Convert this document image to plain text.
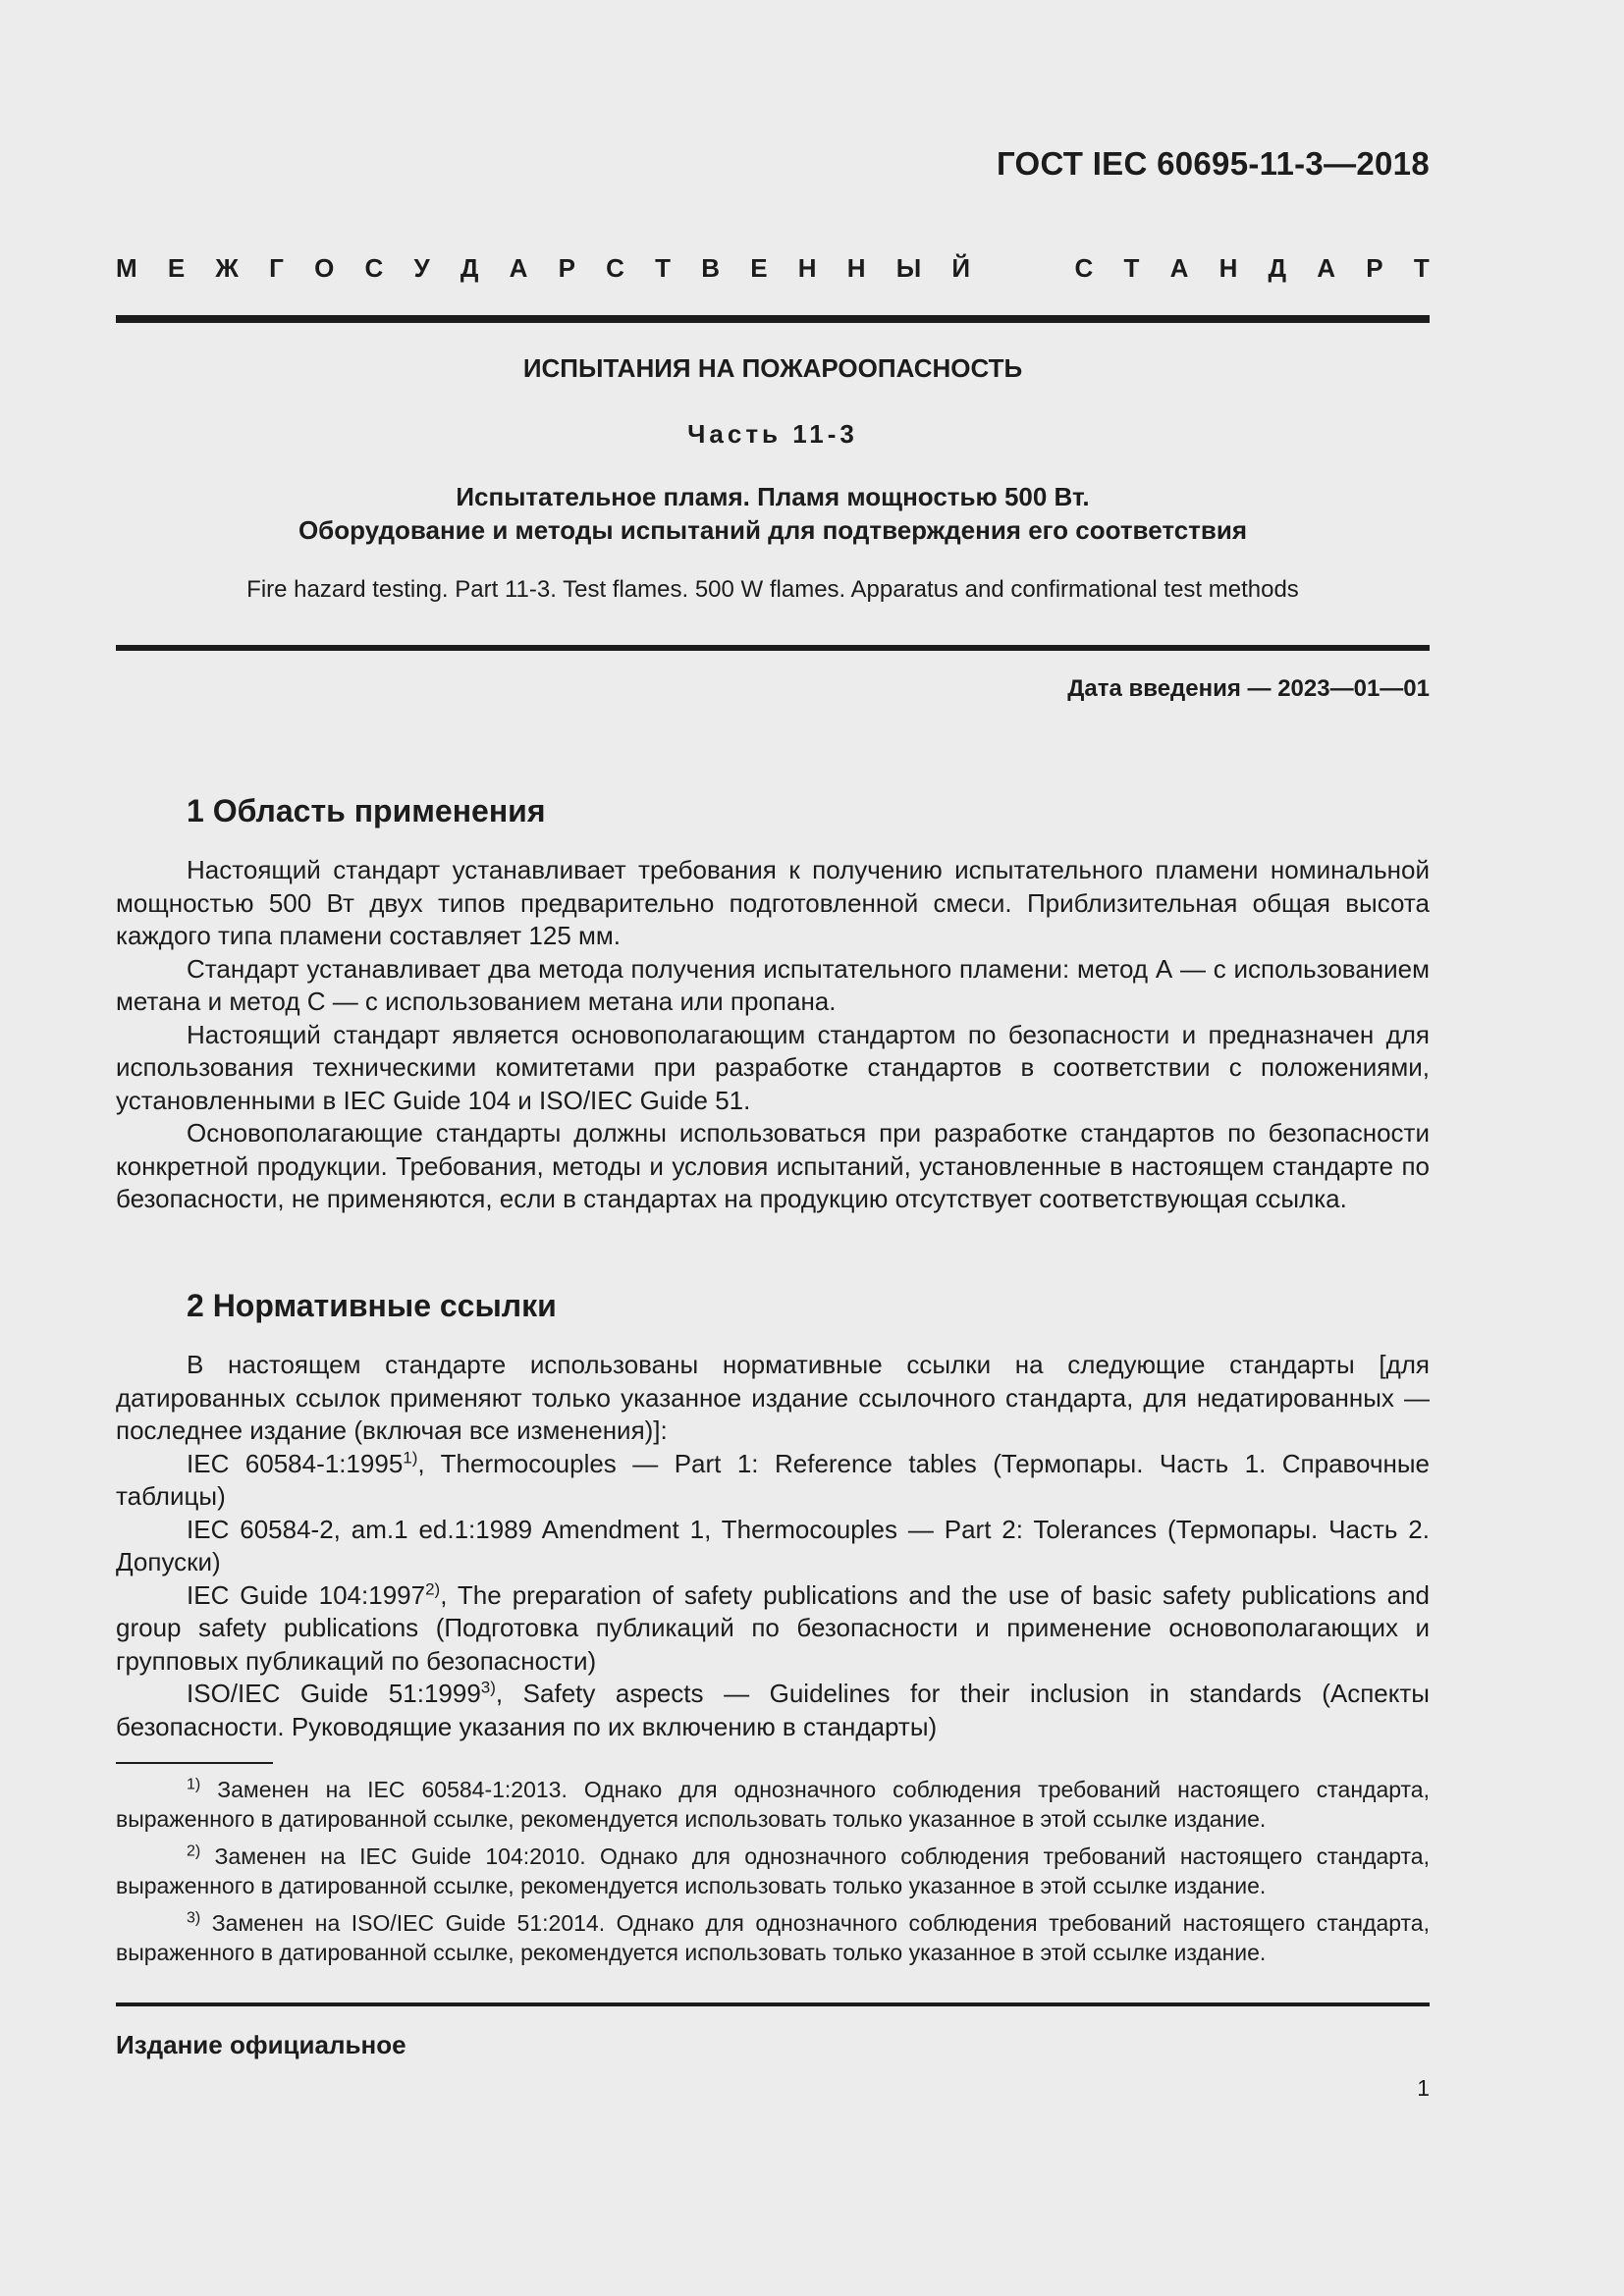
ГОСТ IEC 60695-11-3—2018
М Е Ж Г О С У Д А Р С Т В Е Н Н Ы Й	С Т А Н Д А Р Т
ИСПЫТАНИЯ НА ПОЖАРООПАСНОСТЬ
Часть 11-3
Испытательное пламя. Пламя мощностью 500 Вт.
Оборудование и методы испытаний для подтверждения его соответствия
Fire hazard testing. Part 11-3. Test flames. 500 W flames. Apparatus and confirmational test methods
Дата введения — 2023—01—01
1 Область применения

Настоящий стандарт устанавливает требования к получению испытательного пламени номинальной мощностью 500 Вт двух типов предварительно подготовленной смеси. Приблизительная общая высота каждого типа пламени составляет 125 мм.

Стандарт устанавливает два метода получения испытательного пламени: метод А — с использованием метана и метод С — с использованием метана или пропана.

Настоящий стандарт является основополагающим стандартом по безопасности и предназначен для использования техническими комитетами при разработке стандартов в соответствии с положениями, установленными в IEC Guide 104 и ISO/IEC Guide 51.

Основополагающие стандарты должны использоваться при разработке стандартов по безопасности конкретной продукции. Требования, методы и условия испытаний, установленные в настоящем стандарте по безопасности, не применяются, если в стандартах на продукцию отсутствует соответствующая ссылка.

2 Нормативные ссылки

В настоящем стандарте использованы нормативные ссылки на следующие стандарты [для датированных ссылок применяют только указанное издание ссылочного стандарта, для недатированных — последнее издание (включая все изменения)]:

IEC 60584-1:1995$^{1)}$, Thermocouples — Part 1: Reference tables (Термопары. Часть 1. Справочные таблицы)

IEC 60584-2, am.1 ed.1:1989 Amendment 1, Thermocouples — Part 2: Tolerances (Термопары. Часть 2. Допуски)

IEC Guide 104:1997$^{2)}$, The preparation of safety publications and the use of basic safety publications and group safety publications (Подготовка публикаций по безопасности и применение основополагающих и групповых публикаций по безопасности)

ISO/IEC Guide 51:1999$^{3)}$, Safety aspects — Guidelines for their inclusion in standards (Аспекты безопасности. Руководящие указания по их включению в стандарты)

$^{1)}$ Заменен на IEC 60584-1:2013. Однако для однозначного соблюдения требований настоящего стандарта, выраженного в датированной ссылке, рекомендуется использовать только указанное в этой ссылке издание.

$^{2)}$ Заменен на IEC Guide 104:2010. Однако для однозначного соблюдения требований настоящего стандарта, выраженного в датированной ссылке, рекомендуется использовать только указанное в этой ссылке издание.

$^{3)}$ Заменен на ISO/IEC Guide 51:2014. Однако для однозначного соблюдения требований настоящего стандарта, выраженного в датированной ссылке, рекомендуется использовать только указанное в этой ссылке издание.

Издание официальное
1
